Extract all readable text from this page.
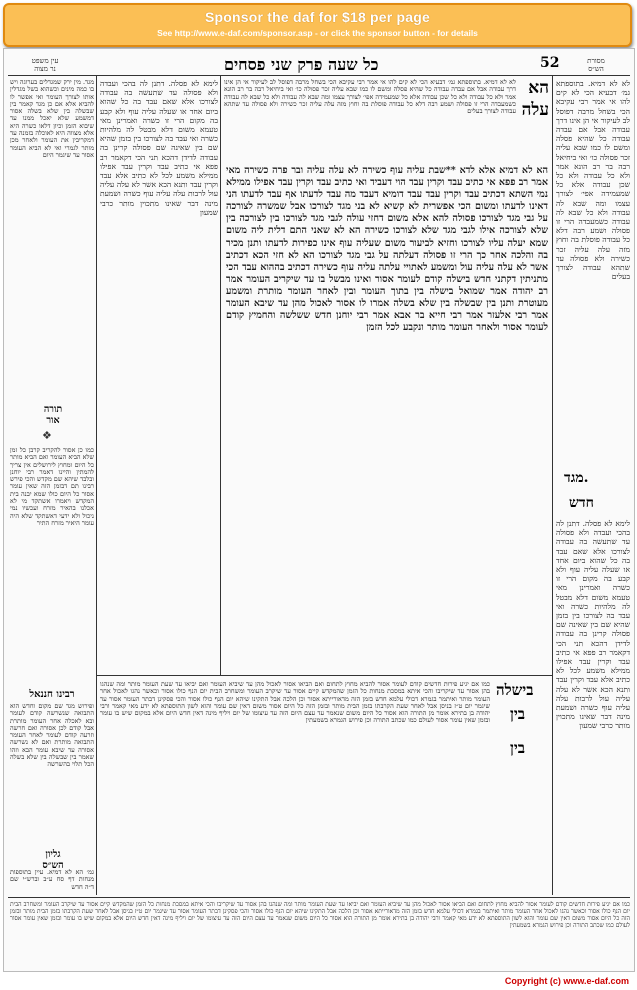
Sponsor the daf for $18 per page
See http://www.e-daf.com/sponsor.asp - or click the sponsor button - for details
עין משפט
נר מצוה	52
כל שעה פרק שני פסחים	מסורת
הש״ס
מגד. מין ירק שמגדלים בערוגה ויש בו כמה מינים וכשהוא בשל מגדלין אותו לצורך העומר ואי אפשר לו להביא אלא אם כן מגד קאמר בין שבשלה בין שלא בשלה אסור דמשמע שלא יאכל ממנו עד שיבוא הזמן וכיון דלאו כשרה היא אלא מצווה היא לאוכלה בזמנה עד דמקריבין את העומר ולאחר מכן מותר לגמרי ואי לא הביא העומר אסור עד שיגמר היום
תורה
אור
❖
כמו כן אסור להקריב קרבן כל זמן שלא הביא העומר ואם הביא מותר כל היום ומחוץ לירושלים אין צריך להמתין והיינו דאמר רבי יוחנן ובלבד שיהא שם מקדש והכי פירש רבינו תם דבזמן הזה שאין עומר אסור כל היום כולו שמא יבנה בית המקדש ויאמרו אשתקד מי לא אכלנו בהאיר מזרח ועכשיו נמי ניכול ולא ידעי דאשתקד שלא היה עומר היאיר מזרח התיר
רבינו חננאל
ופירוש מגד שם מקום וחדש הוא התבואה שנשרשה קודם לעומר ובא לאכלה אחר העומר מותרת אבל קודם לכן אסורה ואם חרשה וזרעה קודם לעומר לאחר העומר התבואה מותרת ואם לא נשרשה אסורה עד שיבא עומר הבא וזהו שאמר בין שבשלה בין שלא בשלה הכל תלוי בהשרשה
לימא לא פסלה. דתנן לה בהכי ועבדה ולא פסולה עד שתעשה בה עבודה לצורכו אלא שאם עבד בה כל שהוא ביום אחד או שעלה עליה עוף ולא קבע בה מקום הרי זו כשרה ואמרינן מאי טעמא משום דלא מבטל לה מלהיות כשרה ואי עבד בה לצורכו בין בזמן שהיא שם בין שאינה שם פסולה קרינן בה עבודה לדידן דהכא תני הכי דקאמר רב פפא אי כתיב עבד וקרין עבד אפילו ממילא משמע לכל לא כתיב אלא עבד וקרין עבד ותנא הכא אשר לא עלה עליה עול לרבות עלה עליה עוף כשרה ושמעת מינה דבר שאינו מתכוין מותר כרבי שמעון
הא
עלה
לא לא דמיא. בתוספתא גמ׳ דבעיא הכי לא קים להו אי אמר רבי עקיבא הכי בשחל מרבה דפוסל לב לעיקור אי הן אינו דרך עבודה אבל אם עבדה עבודה כל שהיא פסלה ומשם לו כמו שבא עליה זכר פסולה כו׳ ואי ביחיאל רבה בר רב הונא אמר ולא כל עבודה ולא כל שכן עבודה אלא כל שמעמידה אפי׳ לצורך עצמו ומה שבא לה עבודה ולא כל שבא לה עבודה כשמעבדה הרי זו פסולה ושמע רבה דלא כל עבודה פוסלת בה וחוץ מזה עלה עליה זכר כשירה ולא פסולה עד שתהא עבודה לצורך בעלים
הא לא דמיא אלא לדא **שבת עליה עוף כשירה לא עלה עליה ובר פרה כשירה מאי אמר רב פפא אי כתיב עבד וקרין עבד הוי דעביד ואי כתיב עבד וקרין עבד אפילו ממילא נמי השתא דכתיב עבד וקרין עבד עבד דומיא דעבד מה עבד לדעתו אף עבד לדעתו הני דאינו לדעתו ומשום הכי אפשרית לא קשיא לא בני מגד לצורכו אבל שמשרה לצורכה על גבי מגד לצורכו פסולה להא אלא משום דחזי עולה לגבי מגד לצורכו בין לצורכה בין שלא לצורכה אילו לגבי מגד שלא לצורכו כשירה הא לא שאני התם דלית ליה משום שמא יעלה עליו לצורכו וחזיא לביעור משום שעליה עוף אינו כפירות לדעתו ותנן מכיר בה והלכה אחר כך הרי זו פסולה דעלתה על גבי מגד לצורכו הא לא חזי הכא דכתיב אשר לא עלה עליה עול ומשמע לאתויי עלתה עליה עוף כשירה דכתיב בההוא עבד הכי מתניתין דקתני חדש בישלה קודם לעומר אסור ואינו מבשל בו עד שיקריב העומר אמר רב יהודה אמר שמואל בישלה בין בתוך העומר ובין לאחר העומר מותרת ומשמע מעוטרת ותנן בין שבשלה בין שלא בשלה אמרו לו אסור לאכול מהן עד שיבא העומר אמר רבי אלעזר אמר רבי חייא בר אבא אמר רבי יוחנן חדש ששלשה והחמיץ קודם לעומר אסור ולאחר העומר מותר ונקבע לכל הזמן
לא לא דמיא. בתוספתא גמ׳ דבעיא הכי לא קים להו אי אמר רבי עקיבא הכי בשחל מרבה דפוסל לב לעיקור אי הן אינו דרך עבודה אבל אם עבדה עבודה כל שהיא פסלה ומשם לו כמו שבא עליה זכר פסולה כו׳ ואי ביחיאל רבה בר רב הונא אמר ולא כל עבודה ולא כל שכן עבודה אלא כל שמעמידה אפי׳ לצורך עצמו ומה שבא לה עבודה ולא כל שבא לה עבודה כשמעבדה הרי זו פסולה ושמע רבה דלא כל עבודה פוסלת בה וחוץ מזה עלה עליה זכר כשירה ולא פסולה עד שתהא עבודה לצורך בעלים
מגד.
חדש
לימא לא פסלה. דתנן לה בהכי ועבדה ולא פסולה עד שתעשה בה עבודה לצורכו אלא שאם עבד בה כל שהוא ביום אחד או שעלה עליה עוף ולא קבע בה מקום הרי זו כשרה ואמרינן מאי טעמא משום דלא מבטל לה מלהיות כשרה ואי עבד בה לצורכו בין בזמן שהיא שם בין שאינה שם פסולה קרינן בה עבודה לדידן דהכא תני הכי דקאמר רב פפא אי כתיב עבד וקרין עבד אפילו ממילא משמע לכל לא כתיב אלא עבד וקרין עבד ותנא הכא אשר לא עלה עליה עול לרבות עלה עליה עוף כשרה ושמעת מינה דבר שאינו מתכוין מותר כרבי שמעון
בישלה
בין
בין
כמו אם יגיע פירות חדשים קודם לעומר אסור להביא מחוץ לתחום ואם הביאו אסור לאכול מהן עד שיביא העומר ואם יביאו עד שעת העומר מותר ומה שנהגו בהן אסור עד שיקריבו והכי איתא במסכת מנחות כל הזמן שהמקדש קיים אסור עד שיקרב העומר ומשחרב הבית יום הנף כולו אסור וכאשר נהגו לאכול אחר העומר מותר ואיתמר בגמרא דכולי עלמא חדש בזמן הזה מדאורייתא אסור וכן הלכה אבל התקינו שיהא יום הנף כולו אסור והכי פסקינן דבתר העומר אסור עד שיגמר יום ט״ז בניסן אבל לאחר שעת הקרבתו בזמן הבית מותר ובזמן הזה כל היום אסור משום דאין שם עומר והוא לשון התוספתא לא ידע מאי קאמר ורבי יהודה בן בתירא אומר מן התורה הוא אסור כל היום משום שנאמר עד עצם היום הזה עד עיצומו של יום ויליף מינה דאין חדש היום אלא במקום שיש בו עומר ובזמן שאין עומר אסור לעולם כמו שכתב התורה וכן פירוש הגמרא בשמעתין
גליון
הש״ס
גמ׳ הא לא דמיא. עיין בתוספות מנחות דף סח ע״ב וברש״י שם ד״ה חדש
כמו אם יגיע פירות חדשים קודם לעומר אסור להביא מחוץ לתחום ואם הביאו אסור לאכול מהן עד שיביא העומר ואם יביאו עד שעת העומר מותר ומה שנהגו בהן אסור עד שיקריבו והכי איתא במסכת מנחות כל הזמן שהמקדש קיים אסור עד שיקרב העומר ומשחרב הבית יום הנף כולו אסור וכאשר נהגו לאכול אחר העומר מותר ואיתמר בגמרא דכולי עלמא חדש בזמן הזה מדאורייתא אסור וכן הלכה אבל התקינו שיהא יום הנף כולו אסור והכי פסקינן דבתר העומר אסור עד שיגמר יום ט״ז בניסן אבל לאחר שעת הקרבתו בזמן הבית מותר ובזמן הזה כל היום אסור משום דאין שם עומר והוא לשון התוספתא לא ידע מאי קאמר ורבי יהודה בן בתירא אומר מן התורה הוא אסור כל היום משום שנאמר עד עצם היום הזה עד עיצומו של יום ויליף מינה דאין חדש היום אלא במקום שיש בו עומר ובזמן שאין עומר אסור לעולם כמו שכתב התורה וכן פירוש הגמרא בשמעתין
Copyright (c) www.e-daf.com
